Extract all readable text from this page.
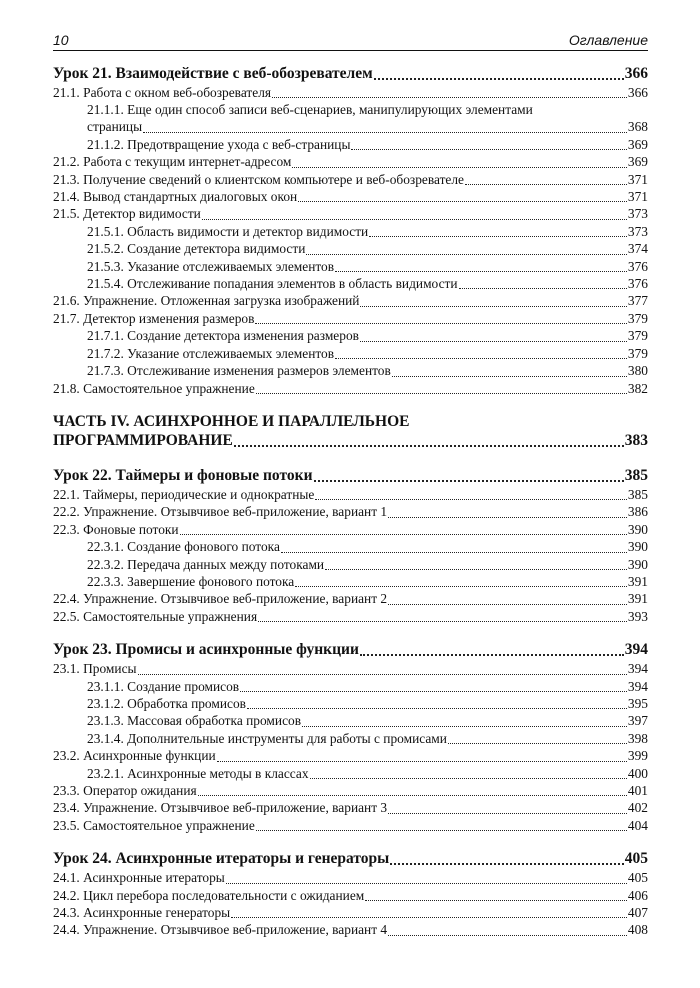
10	Оглавление
Урок 21. Взаимодействие с веб-обозревателем	366
21.1. Работа с окном веб-обозревателя	366
21.1.1. Еще один способ записи веб-сценариев, манипулирующих элементами
страницы	368
21.1.2. Предотвращение ухода с веб-страницы	369
21.2. Работа с текущим интернет-адресом	369
21.3. Получение сведений о клиентском компьютере и веб-обозревателе	371
21.4. Вывод стандартных диалоговых окон	371
21.5. Детектор видимости	373
21.5.1. Область видимости и детектор видимости	373
21.5.2. Создание детектора видимости	374
21.5.3. Указание отслеживаемых элементов	376
21.5.4. Отслеживание попадания элементов в область видимости	376
21.6. Упражнение. Отложенная загрузка изображений	377
21.7. Детектор изменения размеров	379
21.7.1. Создание детектора изменения размеров	379
21.7.2. Указание отслеживаемых элементов	379
21.7.3. Отслеживание изменения размеров элементов	380
21.8. Самостоятельное упражнение	382
ЧАСТЬ IV. АСИНХРОННОЕ И ПАРАЛЛЕЛЬНОЕ
ПРОГРАММИРОВАНИЕ	383
Урок 22. Таймеры и фоновые потоки	385
22.1. Таймеры, периодические и однократные	385
22.2. Упражнение. Отзывчивое веб-приложение, вариант 1	386
22.3. Фоновые потоки	390
22.3.1. Создание фонового потока	390
22.3.2. Передача данных между потоками	390
22.3.3. Завершение фонового потока	391
22.4. Упражнение. Отзывчивое веб-приложение, вариант 2	391
22.5. Самостоятельные упражнения	393
Урок 23. Промисы и асинхронные функции	394
23.1. Промисы	394
23.1.1. Создание промисов	394
23.1.2. Обработка промисов	395
23.1.3. Массовая обработка промисов	397
23.1.4. Дополнительные инструменты для работы с промисами	398
23.2. Асинхронные функции	399
23.2.1. Асинхронные методы в классах	400
23.3. Оператор ожидания	401
23.4. Упражнение. Отзывчивое веб-приложение, вариант 3	402
23.5. Самостоятельное упражнение	404
Урок 24. Асинхронные итераторы и генераторы	405
24.1. Асинхронные итераторы	405
24.2. Цикл перебора последовательности с ожиданием	406
24.3. Асинхронные генераторы	407
24.4. Упражнение. Отзывчивое веб-приложение, вариант 4	408
